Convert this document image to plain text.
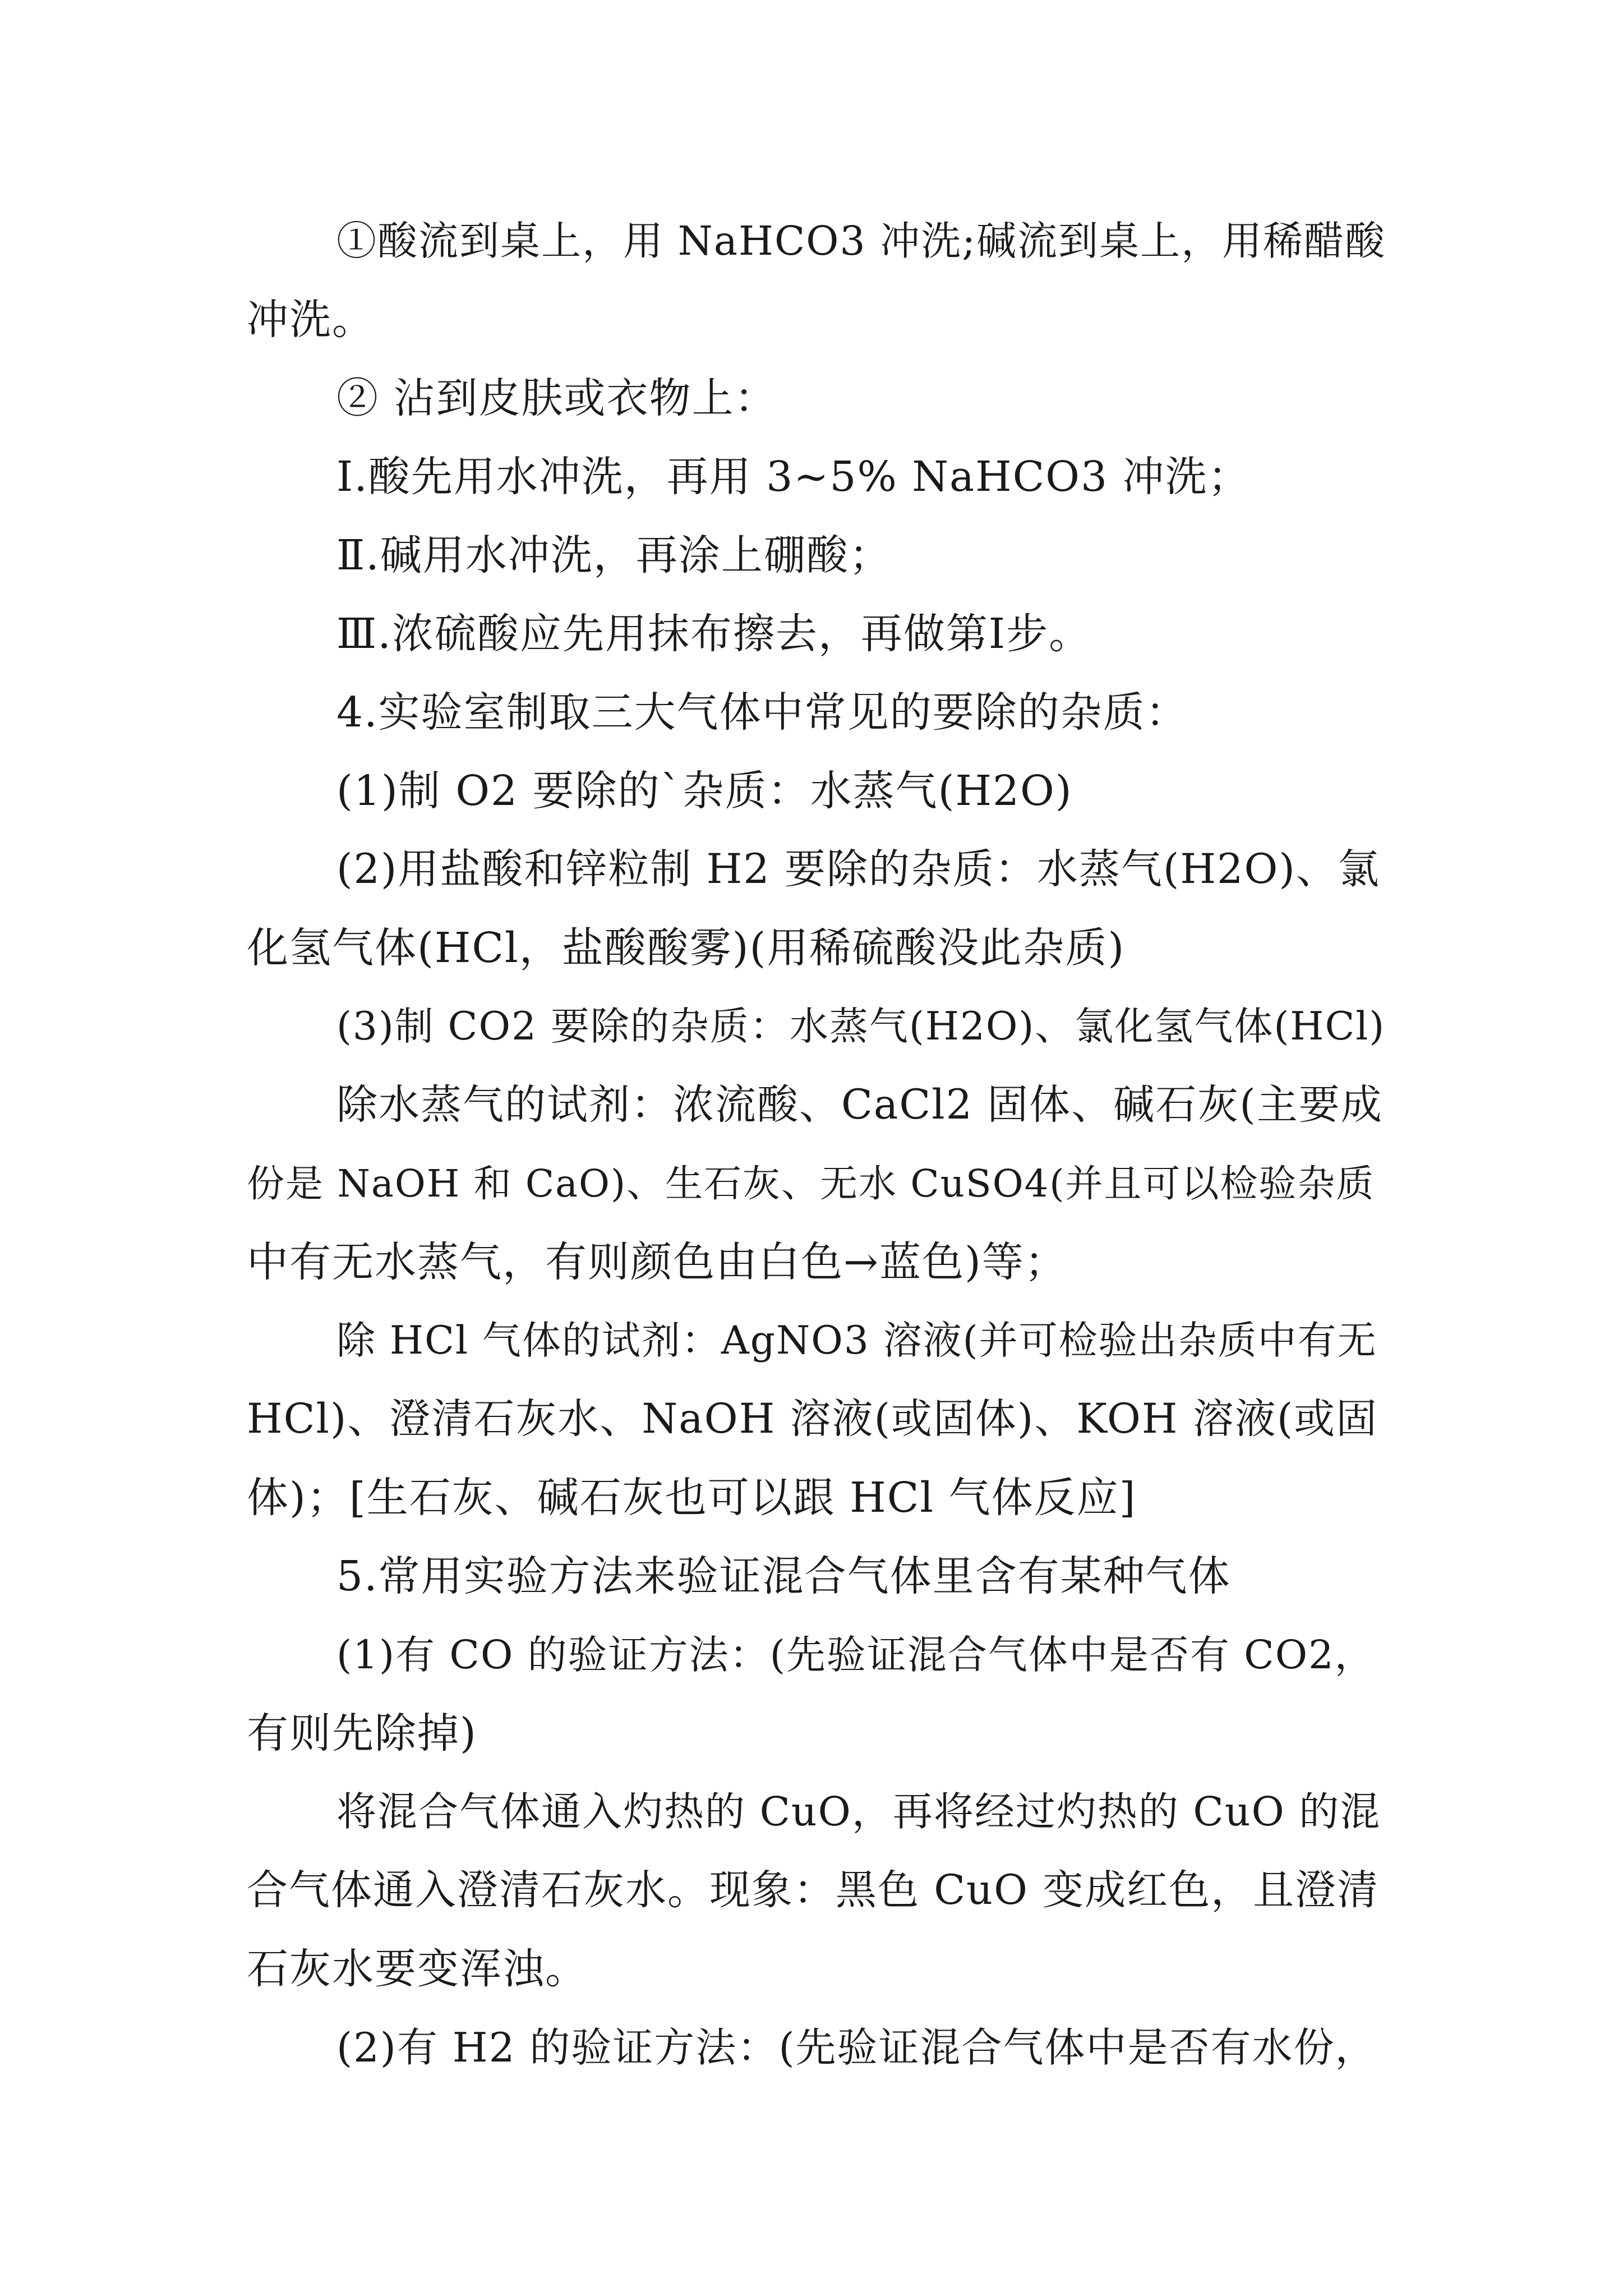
①酸流到桌上，用 NaHCO3 冲洗;碱流到桌上，用稀醋酸
冲洗。
② 沾到皮肤或衣物上：
Ⅰ.酸先用水冲洗，再用 3~5% NaHCO3 冲洗；
Ⅱ.碱用水冲洗，再涂上硼酸；
Ⅲ.浓硫酸应先用抹布擦去，再做第Ⅰ步。
4.实验室制取三大气体中常见的要除的杂质：
(1)制 O2 要除的`杂质：水蒸气(H2O)
(2)用盐酸和锌粒制 H2 要除的杂质：水蒸气(H2O)、氯
化氢气体(HCl，盐酸酸雾)(用稀硫酸没此杂质)
(3)制 CO2 要除的杂质：水蒸气(H2O)、氯化氢气体(HCl)
除水蒸气的试剂：浓流酸、CaCl2 固体、碱石灰(主要成
份是 NaOH 和 CaO)、生石灰、无水 CuSO4(并且可以检验杂质
中有无水蒸气，有则颜色由白色→蓝色)等；
除 HCl 气体的试剂：AgNO3 溶液(并可检验出杂质中有无
HCl)、澄清石灰水、NaOH 溶液(或固体)、KOH 溶液(或固
体)；[生石灰、碱石灰也可以跟 HCl 气体反应]
5.常用实验方法来验证混合气体里含有某种气体
(1)有 CO 的验证方法：(先验证混合气体中是否有 CO2，
有则先除掉)
将混合气体通入灼热的 CuO，再将经过灼热的 CuO 的混
合气体通入澄清石灰水。现象：黑色 CuO 变成红色，且澄清
石灰水要变浑浊。
(2)有 H2 的验证方法：(先验证混合气体中是否有水份，
